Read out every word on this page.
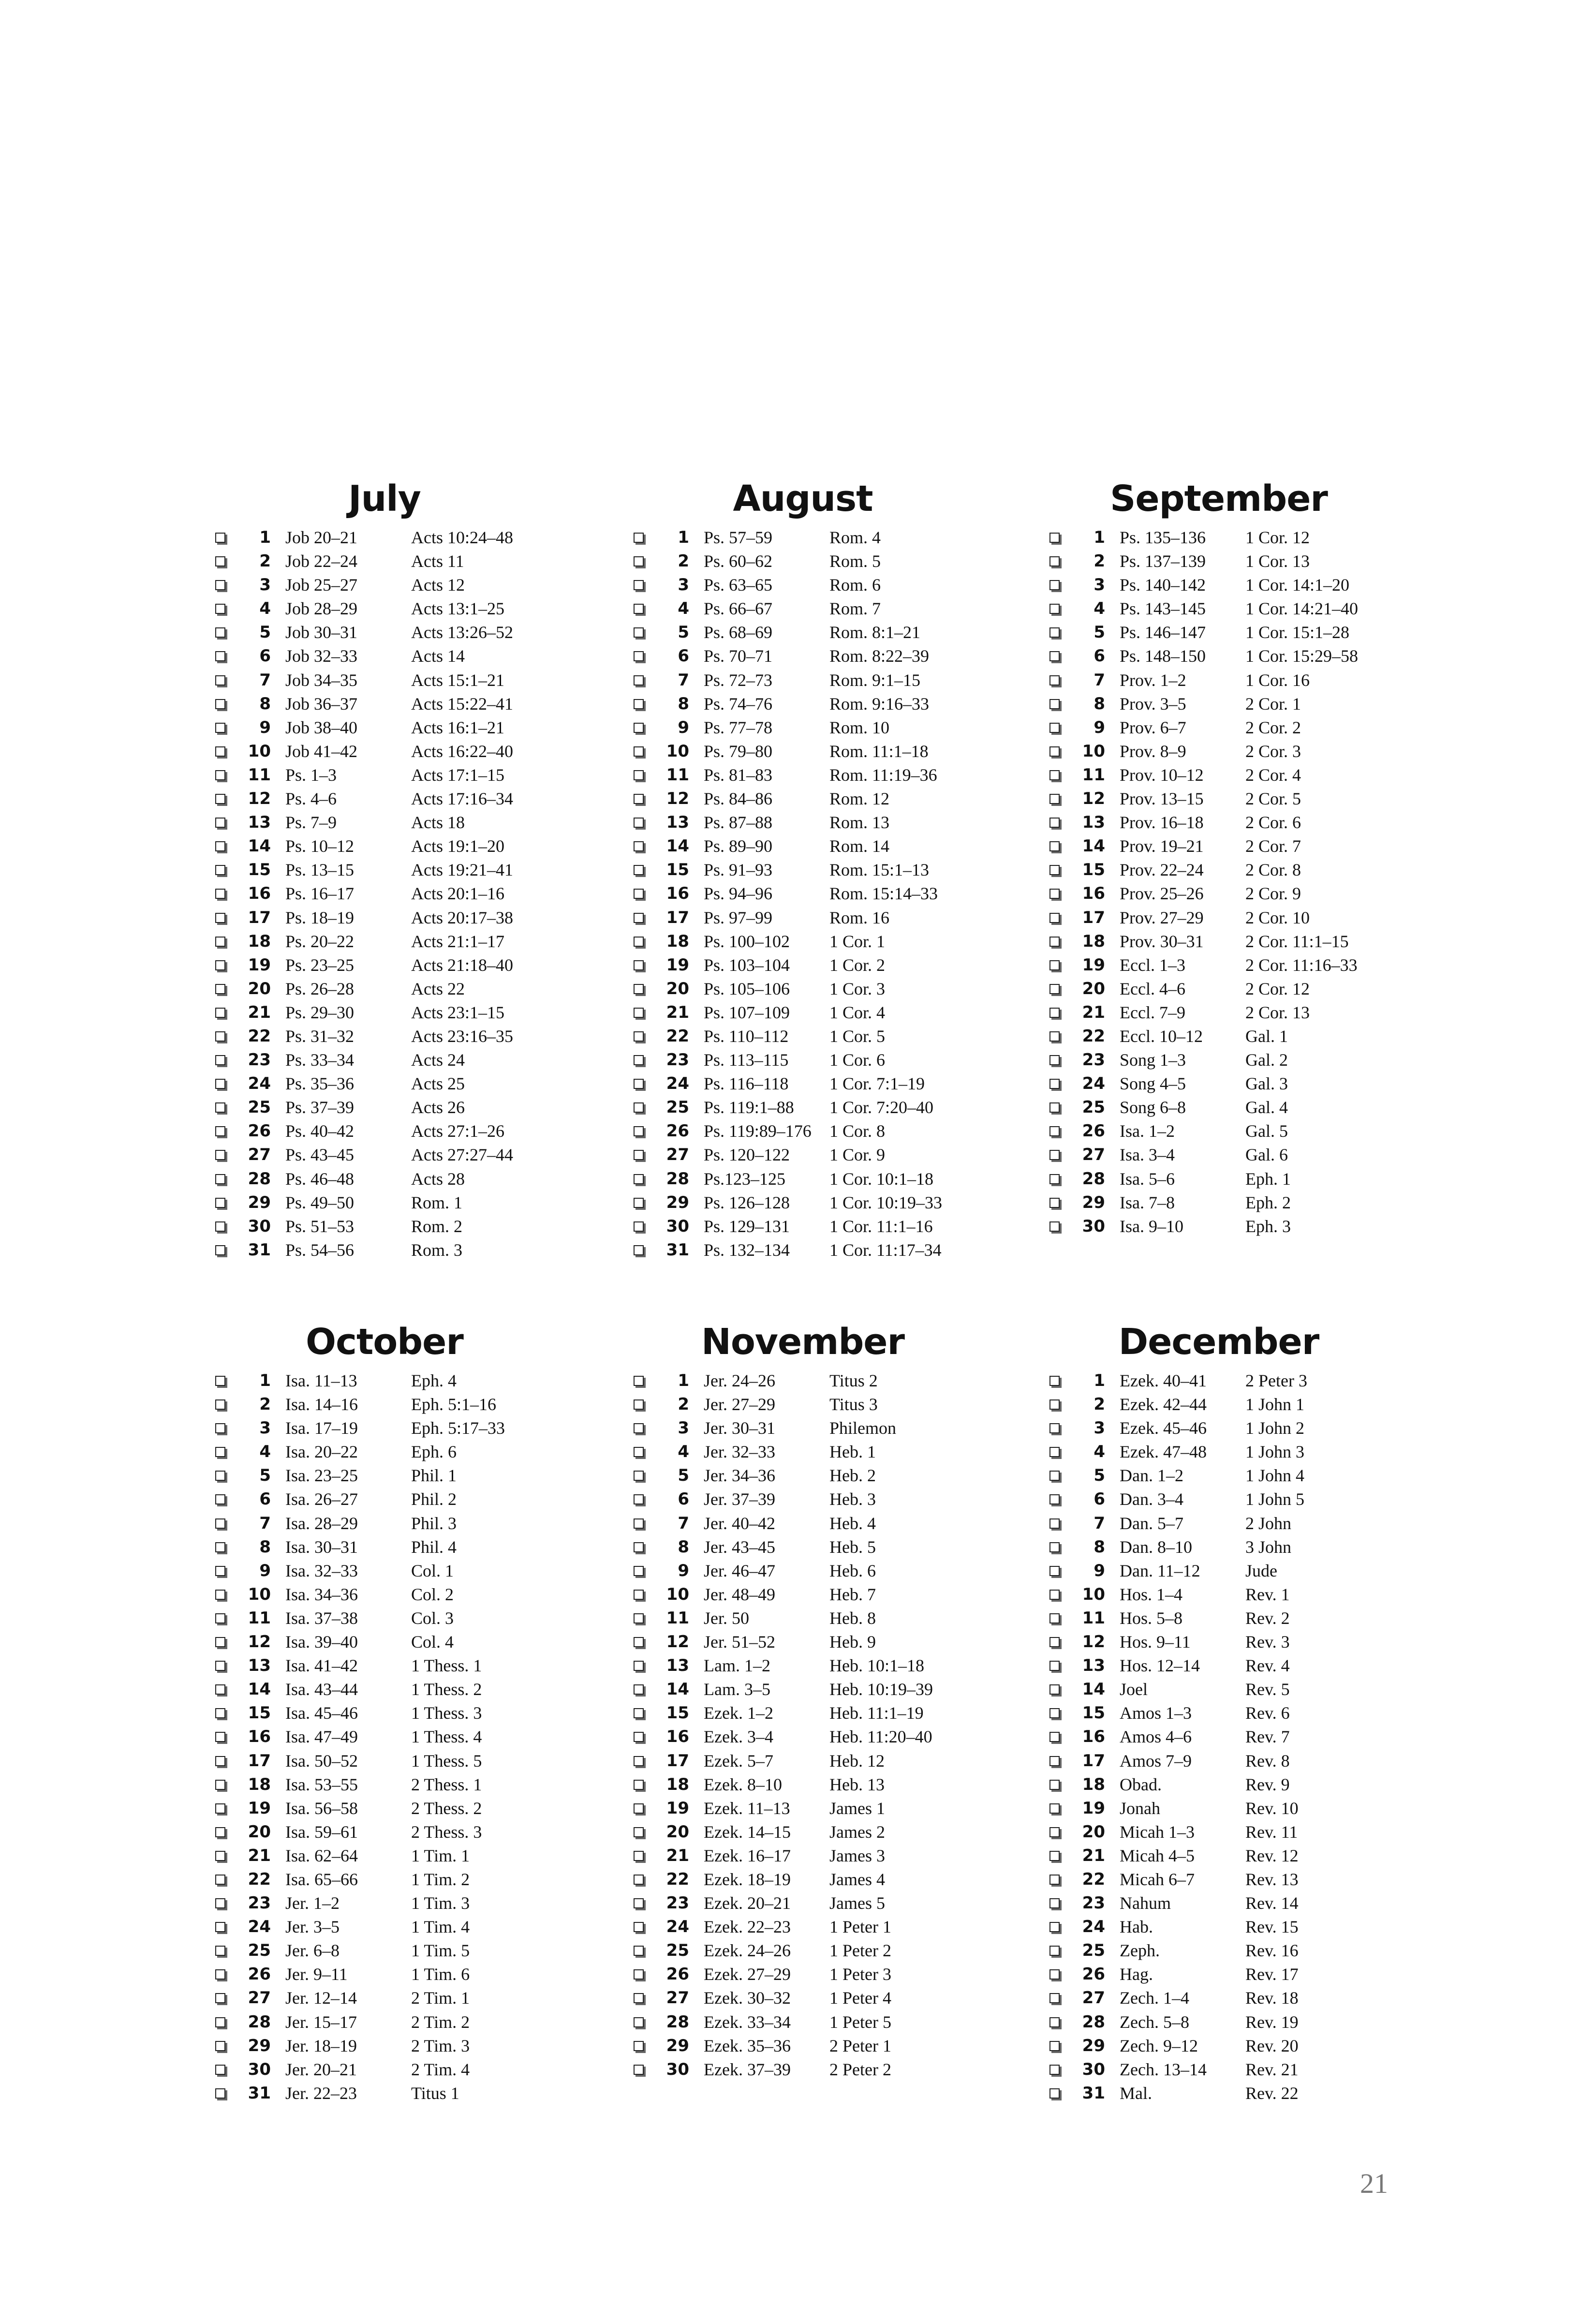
July
1 Job 20–21	Acts 10:24–48
2 Job 22–24	Acts 11
3 Job 25–27	Acts 12
4 Job 28–29	Acts 13:1–25
5 Job 30–31	Acts 13:26–52
6 Job 32–33	Acts 14
7 Job 34–35	Acts 15:1–21
8 Job 36–37	Acts 15:22–41
9 Job 38–40	Acts 16:1–21
10 Job 41–42	Acts 16:22–40
11 Ps. 1–3	Acts 17:1–15
12 Ps. 4–6	Acts 17:16–34
13 Ps. 7–9	Acts 18
14 Ps. 10–12	Acts 19:1–20
15 Ps. 13–15	Acts 19:21–41
16 Ps. 16–17	Acts 20:1–16
17 Ps. 18–19	Acts 20:17–38
18 Ps. 20–22	Acts 21:1–17
19 Ps. 23–25	Acts 21:18–40
20 Ps. 26–28	Acts 22
21 Ps. 29–30	Acts 23:1–15
22 Ps. 31–32	Acts 23:16–35
23 Ps. 33–34	Acts 24
24 Ps. 35–36	Acts 25
25 Ps. 37–39	Acts 26
26 Ps. 40–42	Acts 27:1–26
27 Ps. 43–45	Acts 27:27–44
28 Ps. 46–48	Acts 28
29 Ps. 49–50	Rom. 1
30 Ps. 51–53	Rom. 2
31 Ps. 54–56	Rom. 3
August
1 Ps. 57–59	Rom. 4
2 Ps. 60–62	Rom. 5
3 Ps. 63–65	Rom. 6
4 Ps. 66–67	Rom. 7
5 Ps. 68–69	Rom. 8:1–21
6 Ps. 70–71	Rom. 8:22–39
7 Ps. 72–73	Rom. 9:1–15
8 Ps. 74–76	Rom. 9:16–33
9 Ps. 77–78	Rom. 10
10 Ps. 79–80	Rom. 11:1–18
11 Ps. 81–83	Rom. 11:19–36
12 Ps. 84–86	Rom. 12
13 Ps. 87–88	Rom. 13
14 Ps. 89–90	Rom. 14
15 Ps. 91–93	Rom. 15:1–13
16 Ps. 94–96	Rom. 15:14–33
17 Ps. 97–99	Rom. 16
18 Ps. 100–102 1 Cor. 1
19 Ps. 103–104 1 Cor. 2
20 Ps. 105–106 1 Cor. 3
21 Ps. 107–109 1 Cor. 4
22 Ps. 110–112 1 Cor. 5
23 Ps. 113–115 1 Cor. 6
24 Ps. 116–118 1 Cor. 7:1–19
25 Ps. 119:1–88 1 Cor. 7:20–40
26 Ps. 119:89–176 1 Cor. 8
27 Ps. 120–122 1 Cor. 9
28 Ps.123–125	1 Cor. 10:1–18
29 Ps. 126–128 1 Cor. 10:19–33
30 Ps. 129–131 1 Cor. 11:1–16
31 Ps. 132–134 1 Cor. 11:17–34
September
1 Ps. 135–136 1 Cor. 12
2 Ps. 137–139 1 Cor. 13
3 Ps. 140–142 1 Cor. 14:1–20
4 Ps. 143–145 1 Cor. 14:21–40
5 Ps. 146–147 1 Cor. 15:1–28
6 Ps. 148–150 1 Cor. 15:29–58
7 Prov. 1–2	1 Cor. 16
8 Prov. 3–5	2 Cor. 1
9 Prov. 6–7	2 Cor. 2
10 Prov. 8–9	2 Cor. 3
11 Prov. 10–12 2 Cor. 4
12 Prov. 13–15 2 Cor. 5
13 Prov. 16–18 2 Cor. 6
14 Prov. 19–21 2 Cor. 7
15 Prov. 22–24 2 Cor. 8
16 Prov. 25–26 2 Cor. 9
17 Prov. 27–29 2 Cor. 10
18 Prov. 30–31 2 Cor. 11:1–15
19 Eccl. 1–3	2 Cor. 11:16–33
20 Eccl. 4–6	2 Cor. 12
21 Eccl. 7–9	2 Cor. 13
22 Eccl. 10–12 Gal. 1
23 Song 1–3	Gal. 2
24 Song 4–5	Gal. 3
25 Song 6–8	Gal. 4
26 Isa. 1–2	Gal. 5
27 Isa. 3–4	Gal. 6
28 Isa. 5–6	Eph. 1
29 Isa. 7–8	Eph. 2
30 Isa. 9–10	Eph. 3
October
1 Isa. 11–13	Eph. 4
2 Isa. 14–16	Eph. 5:1–16
3 Isa. 17–19	Eph. 5:17–33
4 Isa. 20–22	Eph. 6
5 Isa. 23–25	Phil. 1
6 Isa. 26–27	Phil. 2
7 Isa. 28–29	Phil. 3
8 Isa. 30–31	Phil. 4
9 Isa. 32–33	Col. 1
10 Isa. 34–36	Col. 2
11 Isa. 37–38	Col. 3
12 Isa. 39–40	Col. 4
13 Isa. 41–42	1 Thess. 1
14 Isa. 43–44	1 Thess. 2
15 Isa. 45–46	1 Thess. 3
16 Isa. 47–49	1 Thess. 4
17 Isa. 50–52	1 Thess. 5
18 Isa. 53–55	2 Thess. 1
19 Isa. 56–58	2 Thess. 2
20 Isa. 59–61	2 Thess. 3
21 Isa. 62–64	1 Tim. 1
22 Isa. 65–66	1 Tim. 2
23 Jer. 1–2	1 Tim. 3
24 Jer. 3–5	1 Tim. 4
25 Jer. 6–8	1 Tim. 5
26 Jer. 9–11	1 Tim. 6
27 Jer. 12–14	2 Tim. 1
28 Jer. 15–17	2 Tim. 2
29 Jer. 18–19	2 Tim. 3
30 Jer. 20–21	2 Tim. 4
31 Jer. 22–23	Titus 1
November
1 Jer. 24–26	Titus 2
2 Jer. 27–29	Titus 3
3 Jer. 30–31	Philemon
4 Jer. 32–33	Heb. 1
5 Jer. 34–36	Heb. 2
6 Jer. 37–39	Heb. 3
7 Jer. 40–42	Heb. 4
8 Jer. 43–45	Heb. 5
9 Jer. 46–47	Heb. 6
10 Jer. 48–49	Heb. 7
11 Jer. 50	Heb. 8
12 Jer. 51–52	Heb. 9
13 Lam. 1–2	Heb. 10:1–18
14 Lam. 3–5	Heb. 10:19–39
15 Ezek. 1–2	Heb. 11:1–19
16 Ezek. 3–4	Heb. 11:20–40
17 Ezek. 5–7	Heb. 12
18 Ezek. 8–10	Heb. 13
19 Ezek. 11–13 James 1
20 Ezek. 14–15 James 2
21 Ezek. 16–17 James 3
22 Ezek. 18–19 James 4
23 Ezek. 20–21 James 5
24 Ezek. 22–23 1 Peter 1
25 Ezek. 24–26 1 Peter 2
26 Ezek. 27–29 1 Peter 3
27 Ezek. 30–32 1 Peter 4
28 Ezek. 33–34 1 Peter 5
29 Ezek. 35–36 2 Peter 1
30 Ezek. 37–39 2 Peter 2
December
1 Ezek. 40–41 2 Peter 3
2 Ezek. 42–44 1 John 1
3 Ezek. 45–46 1 John 2
4 Ezek. 47–48 1 John 3
5 Dan. 1–2	1 John 4
6 Dan. 3–4	1 John 5
7 Dan. 5–7	2 John
8 Dan. 8–10	3 John
9 Dan. 11–12	Jude
10 Hos. 1–4	Rev. 1
11 Hos. 5–8	Rev. 2
12 Hos. 9–11	Rev. 3
13 Hos. 12–14	Rev. 4
14 Joel	Rev. 5
15 Amos 1–3	Rev. 6
16 Amos 4–6	Rev. 7
17 Amos 7–9	Rev. 8
18 Obad.	Rev. 9
19 Jonah	Rev. 10
20 Micah 1–3	Rev. 11
21 Micah 4–5	Rev. 12
22 Micah 6–7	Rev. 13
23 Nahum	Rev. 14
24 Hab.	Rev. 15
25 Zeph.	Rev. 16
26 Hag.	Rev. 17
27 Zech. 1–4	Rev. 18
28 Zech. 5–8	Rev. 19
29 Zech. 9–12	Rev. 20
30 Zech. 13–14 Rev. 21
31 Mal.	Rev. 22
21
